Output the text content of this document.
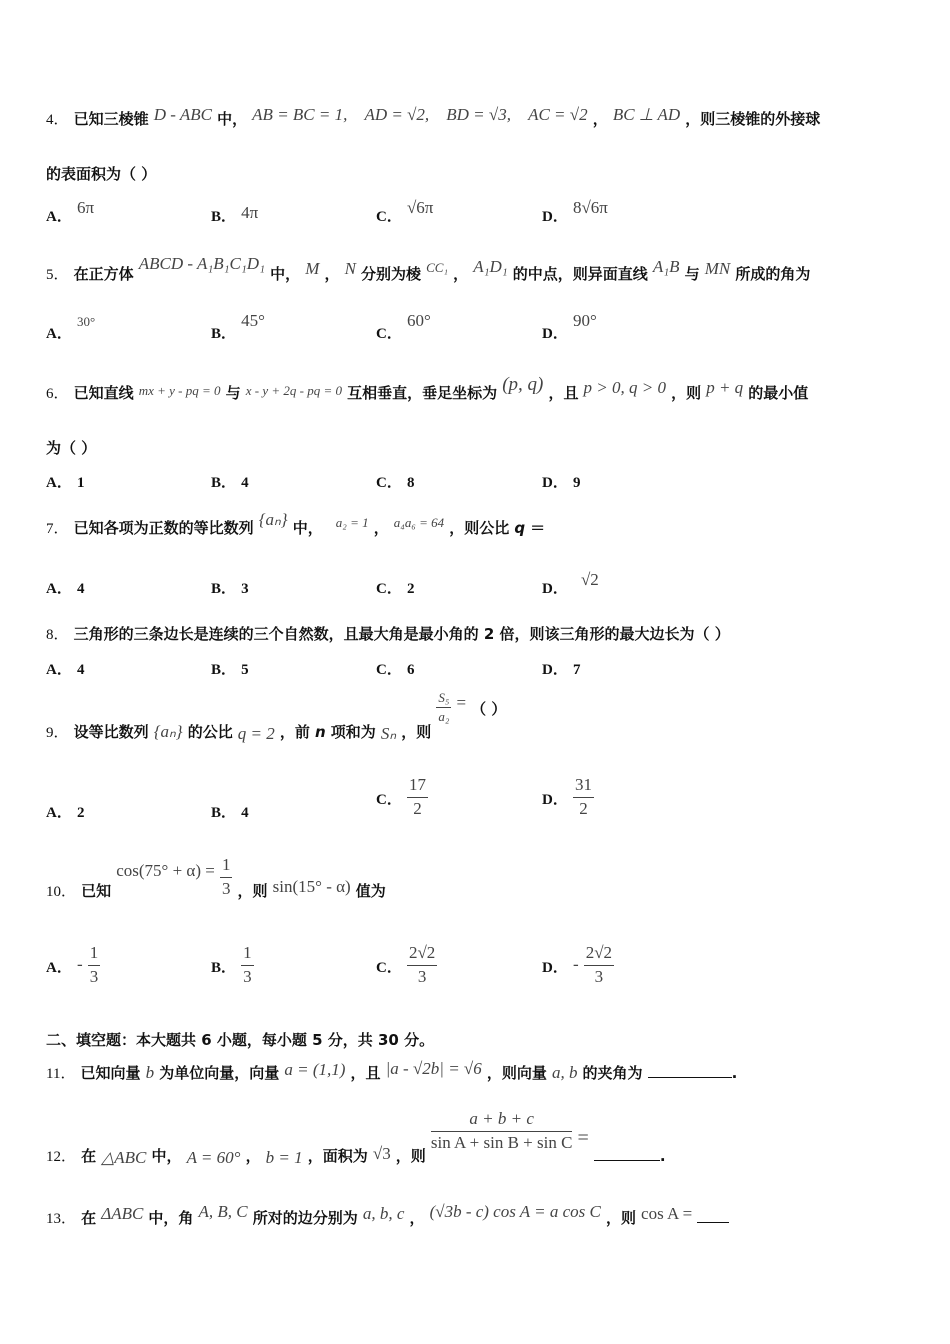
4． 已知三棱锥 D - ABC 中， AB = BC = 1, AD = √2, BD = √3, AC = √2 ， BC ⊥ AD ，则三棱锥的外接球
的表面积为（ ）
A． 6π	B． 4π	C． √6π	D． 8√6π
5． 在正方体 ABCD - A₁B₁C₁D₁ 中， M ， N 分别为棱 $^{CC_1}$ ， A₁D₁ 的中点，则异面直线 A₁B 与 MN 所成的角为
A． $^{30^\circ}$
B． 45°
C． 60°
D． 90°
6． 已知直线 mx + y - pq = 0 与 x - y + 2q - pq = 0 互相垂直，垂足坐标为 (p, q) ，且 p > 0, q > 0 ，则 p + q 的最小值
为（ ）
A． 1	B． 4	C． 8	D． 9
7． 已知各项为正数的等比数列 {aₙ} 中， $^{a_2 = 1}$ ， $^{a_4a_6 = 64}$ ，则公比 q ＝
A． 4	B． 3	C． 2	D． √2
8． 三角形的三条边长是连续的三个自然数，且最大角是最小角的 2 倍，则该三角形的最大边长为（ ）
A． 4	B． 5	C． 6	D． 7
9． 设等比数列 {aₙ} 的公比 q = 2 ，前 n 项和为 Sₙ ，则
$\frac{\text{S₅}}{\text{a₂}}$ = （ ）
A． 2	B． 4
C． $\frac{17}{2}$	D． $\frac{31}{2}$
10． 已知 $\cos(75^\circ + \alpha) = \frac{1}{3}$ ，则 sin(15° - α) 值为
A． - $\frac{1}{3}$	B． $\frac{1}{3}$	C． $\frac{2√2}{3}$	D． - $\frac{2√2}{3}$
二、填空题：本大题共 6 小题，每小题 5 分，共 30 分。
11． 已知向量 b 为单位向量，向量 a = (1,1) ，且 |a - √2b| = √6 ，则向量 a, b 的夹角为	.
12． 在 △ABC 中， A = 60° ， b = 1 ，面积为 √3 ，则
$\frac{a + b + c}{\text{sin A + sin B + sin C}}$ = .
13． 在 ΔABC 中，角 A, B, C 所对的边分别为 a, b, c ， (√3b - c) cos A = a cos C ，则 cos A =
